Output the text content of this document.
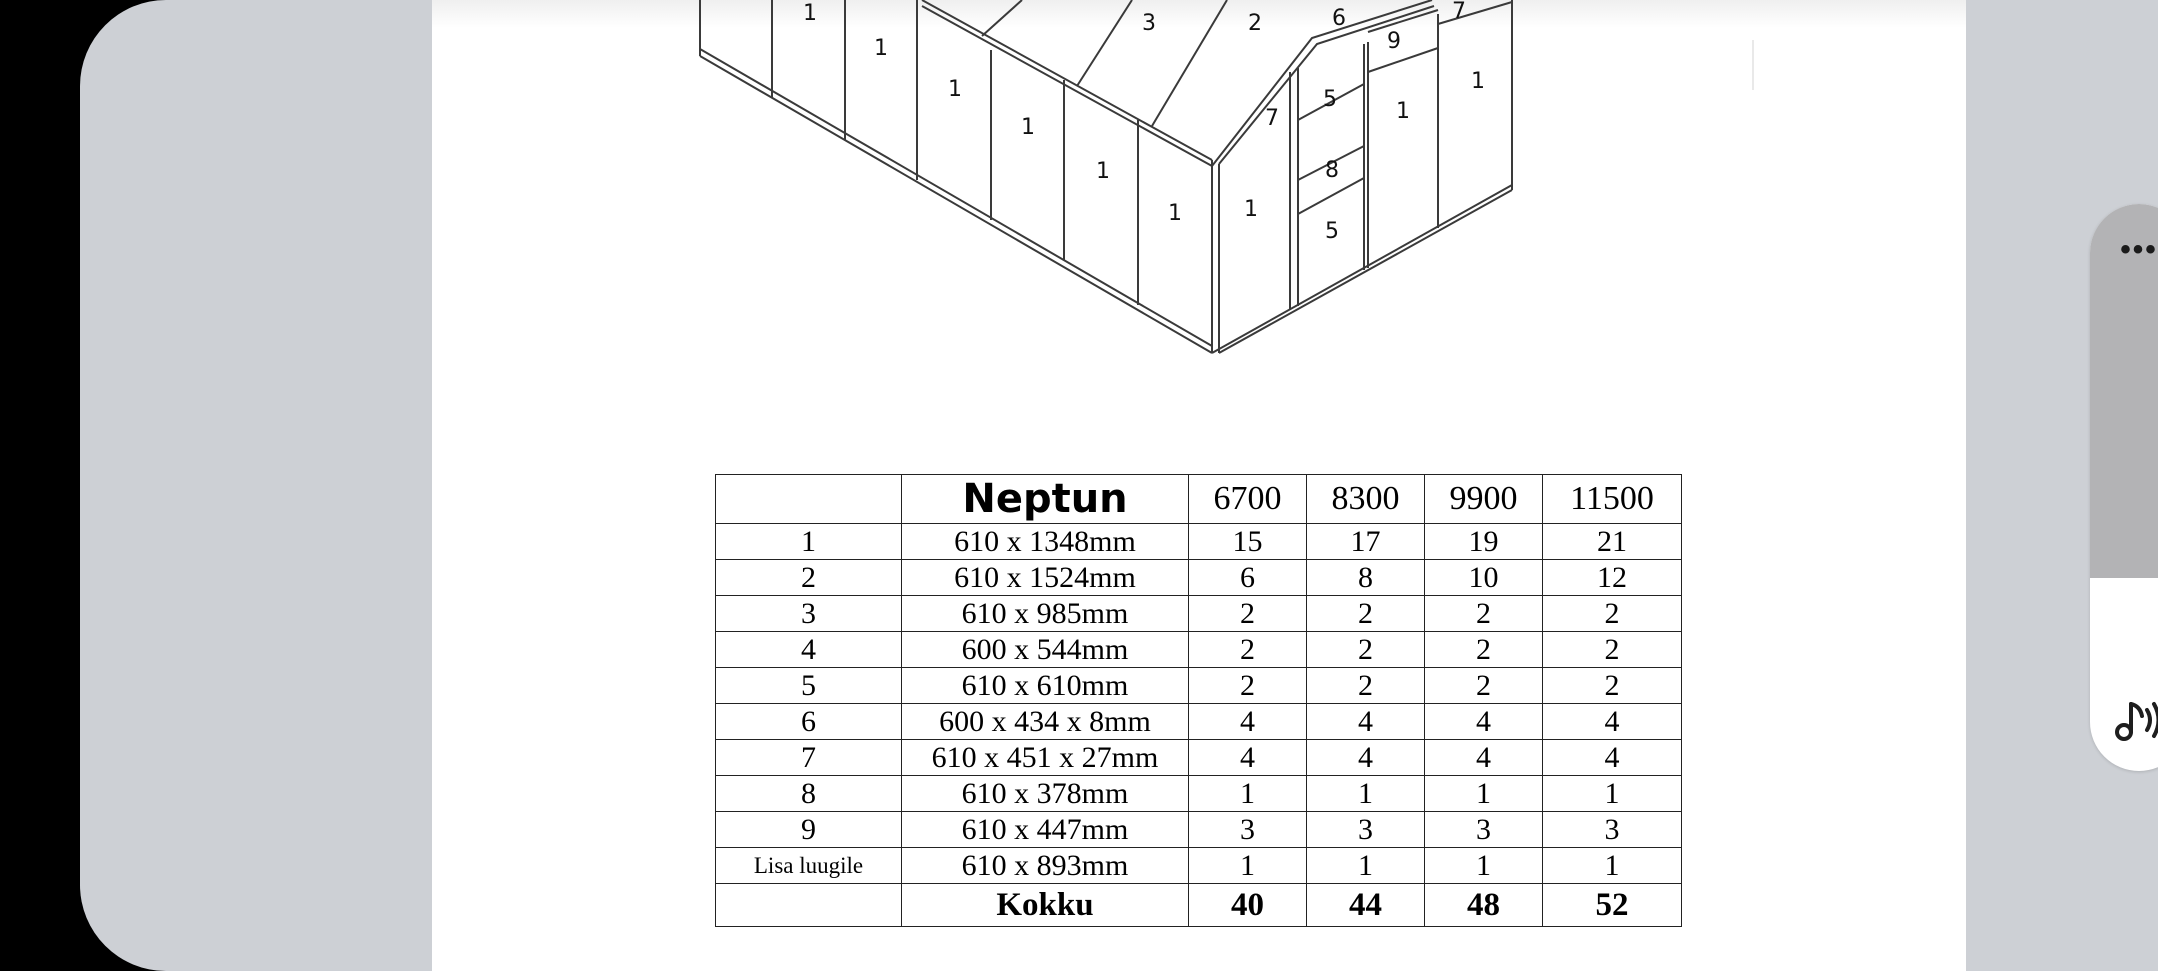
1
1
1
1
1
1	1
3	2
7
6
9
7
5
8
5
1
1
	Neptun	6700	8300	9900	11500
1	610 x 1348mm	15	17	19	21
2	610 x 1524mm	6	8	10	12
3	610 x 985mm	2	2	2	2
4	600 x 544mm	2	2	2	2
5	610 x 610mm	2	2	2	2
6	600 x 434 x 8mm	4	4	4	4
7	610 x 451 x 27mm	4	4	4	4
8	610 x 378mm	1	1	1	1
9	610 x 447mm	3	3	3	3
Lisa luugile	610 x 893mm	1	1	1	1
	Kokku	40	44	48	52
•••
